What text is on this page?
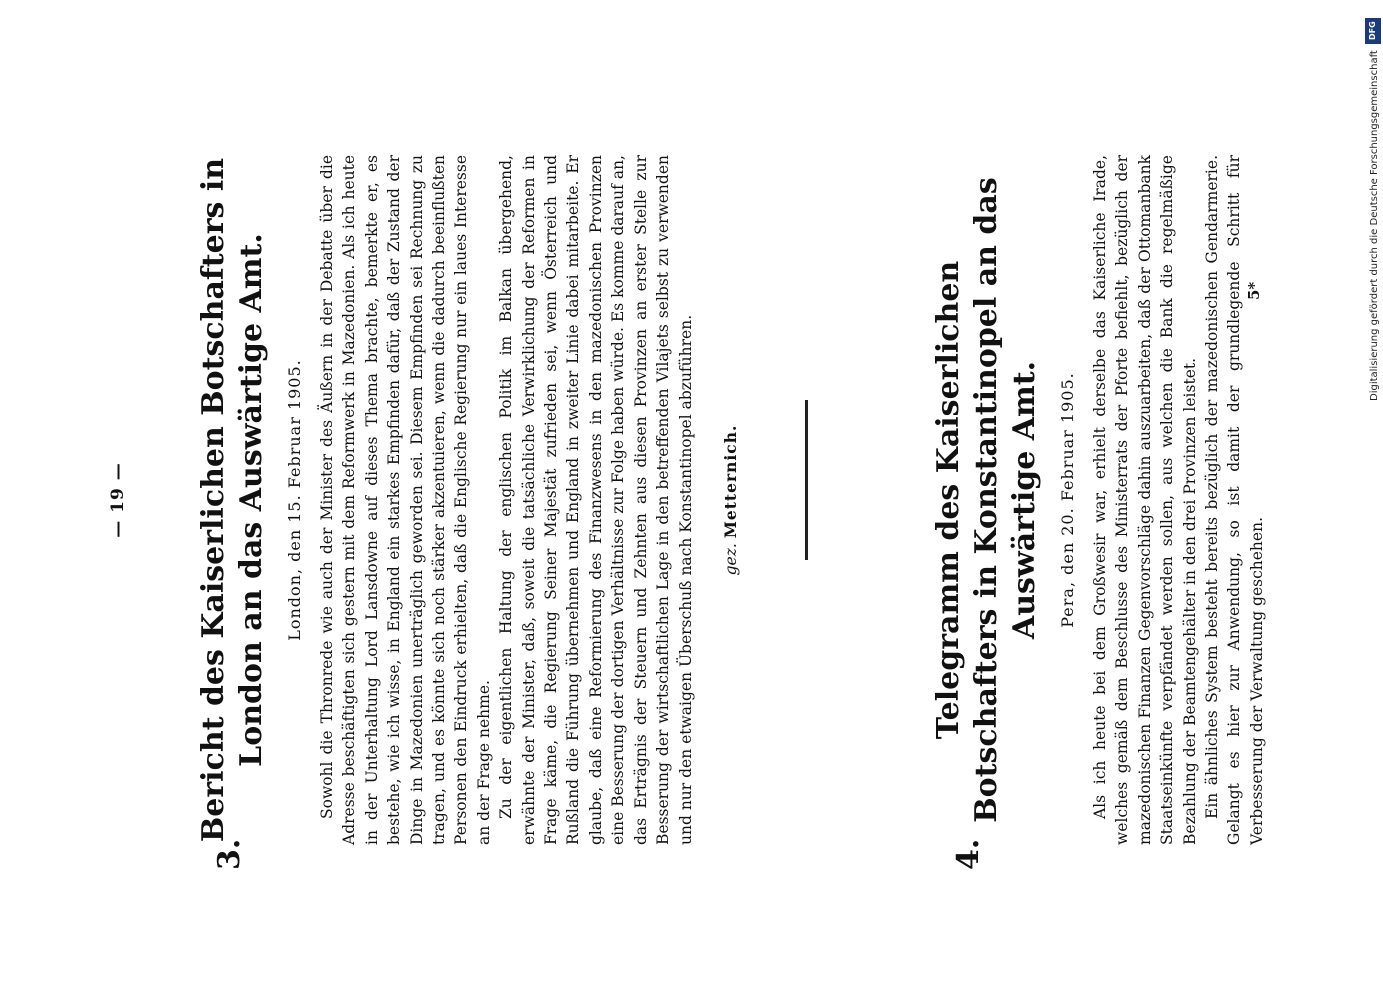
— 19 —
3.
Bericht des Kaiserlichen Botschafters in London an das Auswärtige Amt. London, den 15. Februar 1905. Sowohl die Thronrede wie auch der Minister des Äußern in der Debatte über die Adresse beschäftigten sich gestern mit dem Reformwerk in Mazedonien. Als ich heute in der Unterhaltung Lord Lansdowne auf dieses Thema brachte, bemerkte er, es bestehe, wie ich wisse, in England ein starkes Empfinden dafür, daß der Zustand der Dinge in Mazedonien unerträglich geworden sei. Diesem Empfinden sei Rechnung zu tragen, und es könnte sich noch stärker akzentuieren, wenn die dadurch beeinflußten Personen den Eindruck erhielten, daß die Englische Regierung nur ein laues Interesse an der Frage nehme. Zu der eigentlichen Haltung der englischen Politik im Balkan übergehend, erwähnte der Minister, daß, soweit die tatsächliche Verwirklichung der Reformen in Frage käme, die Regierung Seiner Majestät zufrieden sei, wenn Österreich und Rußland die Führung übernehmen und England in zweiter Linie dabei mitarbeite. Er glaube, daß eine Reformierung des Finanzwesens in den mazedonischen Provinzen eine Besserung der dortigen Verhältnisse zur Folge haben würde. Es komme darauf an, das Erträgnis der Steuern und Zehnten aus diesen Provinzen an erster Stelle zur Besserung der wirtschaftlichen Lage in den betreffenden Vilajets selbst zu verwenden und nur den etwaigen Überschuß nach Konstantinopel abzuführen. gez. Metternich.
4.
Telegramm des Kaiserlichen Botschafters in Konstantinopel an das Auswärtige Amt. Pera, den 20. Februar 1905. Als ich heute bei dem Großwesir war, erhielt derselbe das Kaiserliche Irade, welches gemäß dem Beschlusse des Ministerrats der Pforte befiehlt, bezüglich der mazedonischen Finanzen Gegenvorschläge dahin auszuarbeiten, daß der Ottomanbank Staatseinkünfte verpfändet werden sollen, aus welchen die Bank die regelmäßige Bezahlung der Beamtengehälter in den drei Provinzen leistet. Ein ähnliches System besteht bereits bezüglich der mazedonischen Gendarmerie. Gelangt es hier zur Anwendung, so ist damit der grundlegende Schritt für Verbesserung der Verwaltung geschehen.

5*
DFG
Digitalisierung gefördert durch die Deutsche Forschungsgemeinschaft
